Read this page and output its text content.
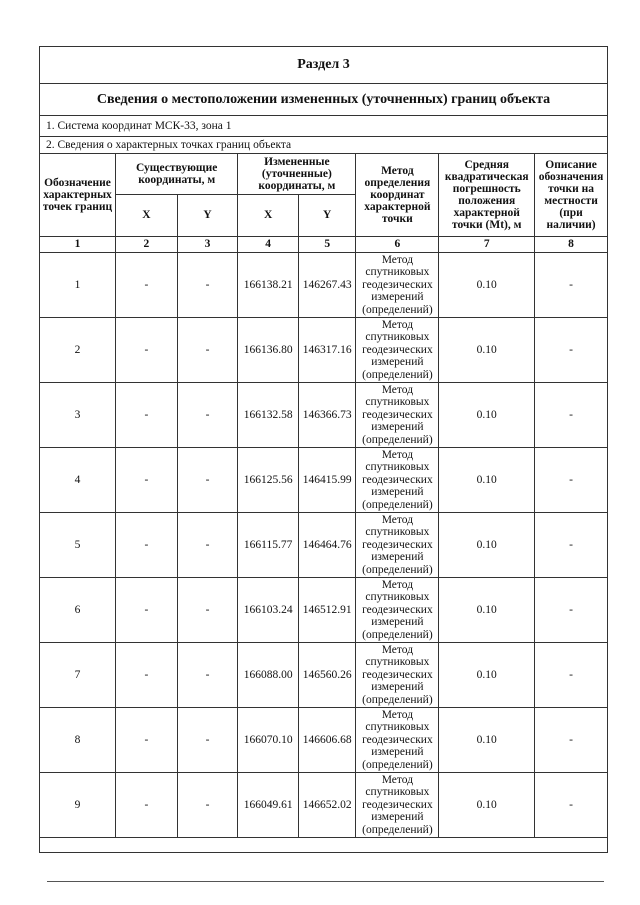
Раздел 3
Сведения о местоположении измененных (уточненных) границ объекта
1. Система координат МСК-33, зона 1
2. Сведения о характерных точках границ объекта
Обозначение характерных точек границ	Существующие координаты, м		Измененные (уточненные) координаты, м		Метод определения координат характерной точки	Средняя квадратическая погрешность положения характерной точки (Mt), м	Описание обозначения точки на местности (при наличии)
	X	Y	X	Y			
1	2	3	4	5	6	7	8
1	-	-	166138.21	146267.43	Метод спутниковых геодезических измерений (определений)	0.10	-
2	-	-	166136.80	146317.16	Метод спутниковых геодезических измерений (определений)	0.10	-
3	-	-	166132.58	146366.73	Метод спутниковых геодезических измерений (определений)	0.10	-
4	-	-	166125.56	146415.99	Метод спутниковых геодезических измерений (определений)	0.10	-
5	-	-	166115.77	146464.76	Метод спутниковых геодезических измерений (определений)	0.10	-
6	-	-	166103.24	146512.91	Метод спутниковых геодезических измерений (определений)	0.10	-
7	-	-	166088.00	146560.26	Метод спутниковых геодезических измерений (определений)	0.10	-
8	-	-	166070.10	146606.68	Метод спутниковых геодезических измерений (определений)	0.10	-
9	-	-	166049.61	146652.02	Метод спутниковых геодезических измерений (определений)	0.10	-
